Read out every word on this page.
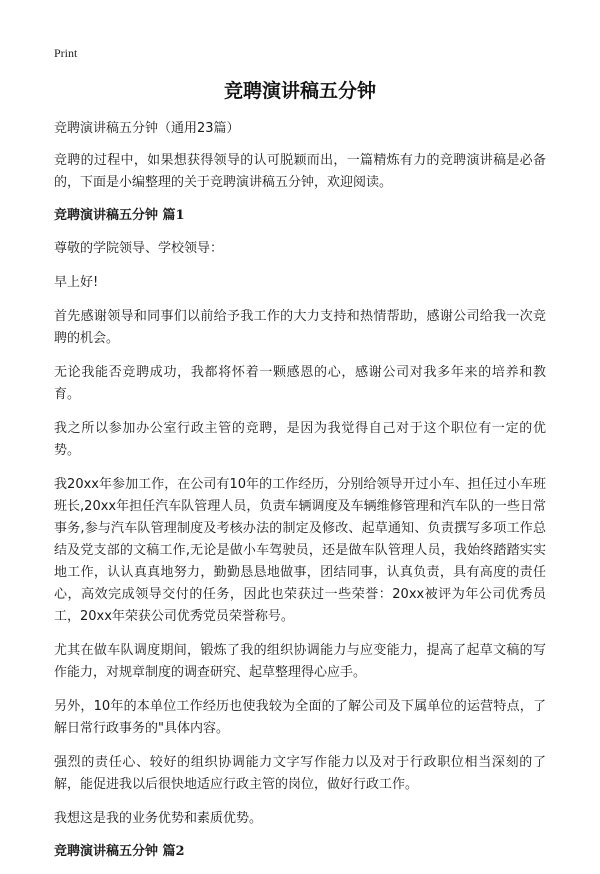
Print
竞聘演讲稿五分钟
竞聘演讲稿五分钟（通用23篇）

竞聘的过程中，如果想获得领导的认可脱颖而出，一篇精炼有力的竞聘演讲稿是必备的，下面是小编整理的关于竞聘演讲稿五分钟，欢迎阅读。

竞聘演讲稿五分钟 篇1

尊敬的学院领导、学校领导：

早上好!

首先感谢领导和同事们以前给予我工作的大力支持和热情帮助，感谢公司给我一次竞聘的机会。

无论我能否竞聘成功，我都将怀着一颗感恩的心，感谢公司对我多年来的培养和教育。

我之所以参加办公室行政主管的竞聘，是因为我觉得自己对于这个职位有一定的优势。

我20xx年参加工作，在公司有10年的工作经历，分别给领导开过小车、担任过小车班班长,20xx年担任汽车队管理人员，负责车辆调度及车辆维修管理和汽车队的一些日常事务,参与汽车队管理制度及考核办法的制定及修改、起草通知、负责撰写多项工作总结及党支部的文稿工作,无论是做小车驾驶员，还是做车队管理人员，我始终踏踏实实地工作，认认真真地努力，勤勤恳恳地做事，团结同事，认真负责，具有高度的责任心，高效完成领导交付的任务，因此也荣获过一些荣誉：20xx被评为年公司优秀员工，20xx年荣获公司优秀党员荣誉称号。

尤其在做车队调度期间，锻炼了我的组织协调能力与应变能力，提高了起草文稿的写作能力，对规章制度的调查研究、起草整理得心应手。

另外，10年的本单位工作经历也使我较为全面的了解公司及下属单位的运营特点，了解日常行政事务的"具体内容。

强烈的责任心、较好的组织协调能力文字写作能力以及对于行政职位相当深刻的了解，能促进我以后很快地适应行政主管的岗位，做好行政工作。

我想这是我的业务优势和素质优势。

竞聘演讲稿五分钟 篇2
